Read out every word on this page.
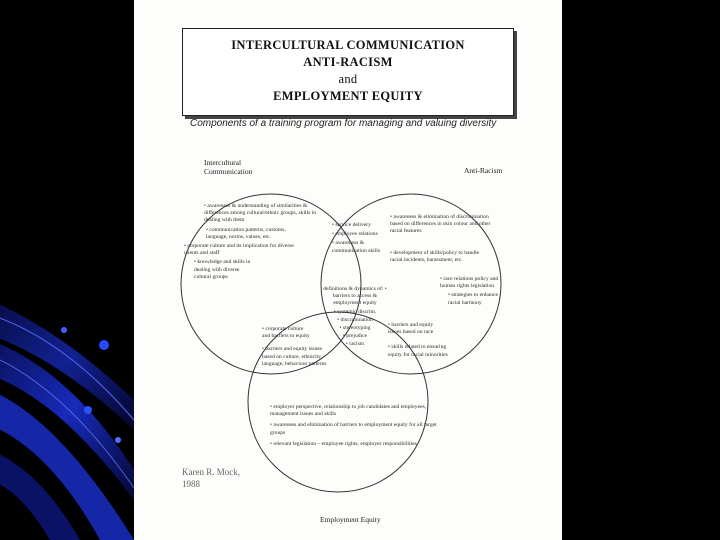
INTERCULTURAL COMMUNICATION
ANTI-RACISM
and
EMPLOYMENT EQUITY
Components of a training program for managing and valuing diversity
Intercultural
Communication	Anti-Racism
Employment Equity

• awareness & understanding of similarities & differences among cultural/ethnic groups, skills in dealing with them

• communication patterns, customs, language, norms, values, etc.

• corporate culture and its implication for diverse clients and staff

• knowledge and skills in dealing with diverse cultural groups

• service delivery

• employee relations

• awareness & communication skills

• awareness & elimination of discrimination based on differences in skin colour and other racial features

• development of skills/policy to handle racial incidents, harassment, etc.

• race relations policy and human rights legislation

• strategies to enhance racial harmony

definitions & dynamics of: • barriers to access & employment equity

• systemic discrim.

• discrimination

• stereotyping

• prejudice

• racism

• corporate culture and barriers to equity

• barriers and equity issues based on culture, ethnicity, language, behaviour patterns

• barriers and equity issues based on race

• skills related to ensuring equity for racial minorities

• employer perspective, relationship to job candidates and employees, management issues and skills

• awareness and elimination of barriers to employment equity for all target groups

• relevant legislation – employee rights, employer responsibilities

Karen R. Mock,
1988
